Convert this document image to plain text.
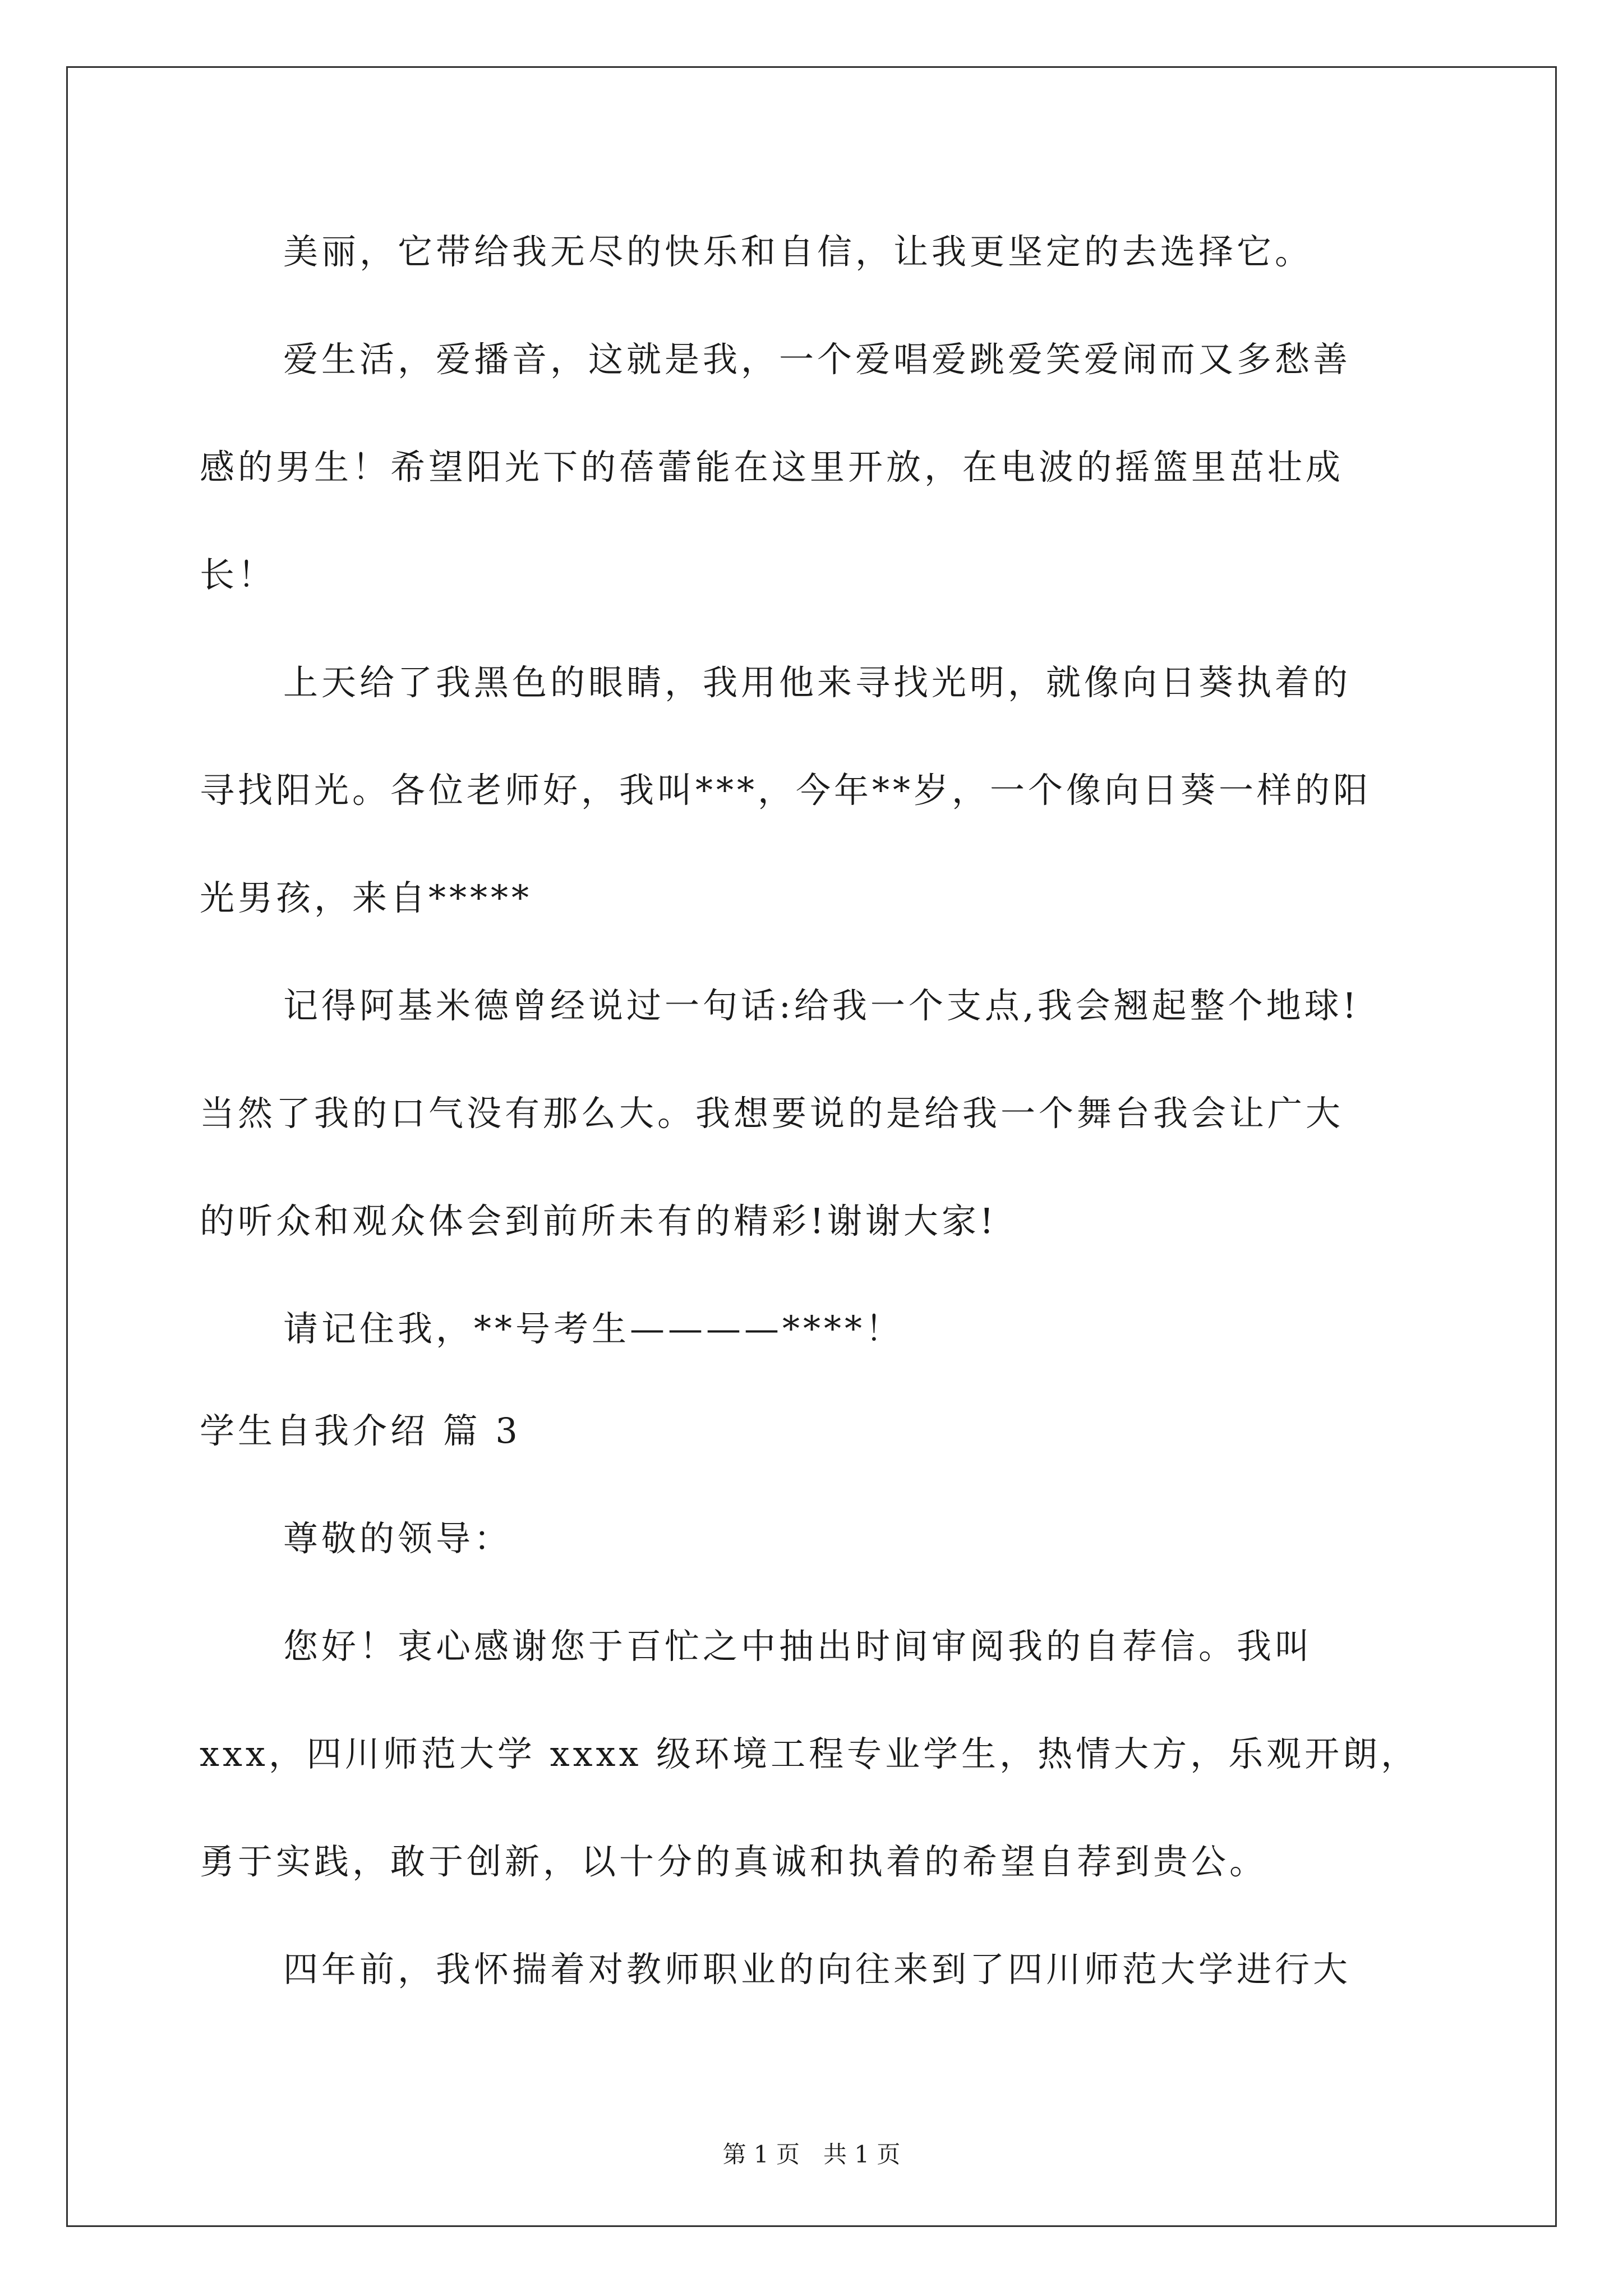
美丽，它带给我无尽的快乐和自信，让我更坚定的去选择它。
爱生活，爱播音，这就是我，一个爱唱爱跳爱笑爱闹而又多愁善
感的男生！希望阳光下的蓓蕾能在这里开放，在电波的摇篮里茁壮成
长！
上天给了我黑色的眼睛，我用他来寻找光明，就像向日葵执着的
寻找阳光。各位老师好，我叫***，今年**岁，一个像向日葵一样的阳
光男孩，来自*****
记得阿基米德曾经说过一句话:给我一个支点,我会翘起整个地球!
当然了我的口气没有那么大。我想要说的是给我一个舞台我会让广大
的听众和观众体会到前所未有的精彩!谢谢大家!
请记住我，**号考生————****！
学生自我介绍 篇 3
尊敬的领导：
您好！衷心感谢您于百忙之中抽出时间审阅我的自荐信。我叫
xxx，四川师范大学 xxxx 级环境工程专业学生，热情大方，乐观开朗，
勇于实践，敢于创新，以十分的真诚和执着的希望自荐到贵公。
四年前，我怀揣着对教师职业的向往来到了四川师范大学进行大
第 1 页　共 1 页
